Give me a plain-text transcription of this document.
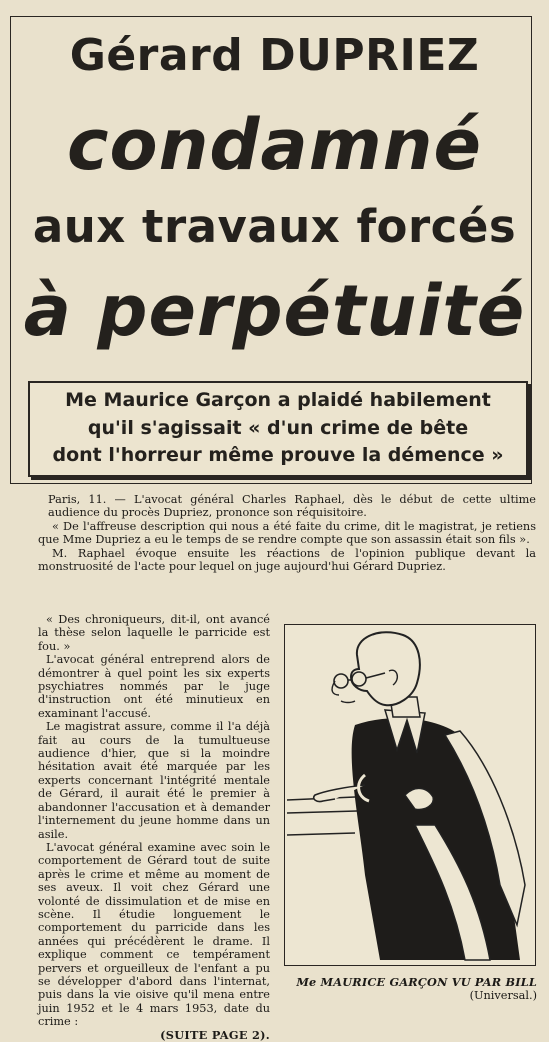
Gérard DUPRIEZ
condamné
aux travaux forcés
à perpétuité
Me Maurice Garçon a plaidé habilement
qu'il s'agissait « d'un crime de bête
dont l'horreur même prouve la démence »

Paris, 11. — L'avocat général Charles Raphael, dès le début de cette ultime audience du procès Dupriez, prononce son réquisitoire.

« De l'affreuse description qui nous a été faite du crime, dit le magistrat, je retiens que Mme Dupriez a eu le temps de se rendre compte que son assassin était son fils ».

M. Raphael évoque ensuite les réactions de l'opinion publique devant la monstruosité de l'acte pour lequel on juge aujourd'hui Gérard Dupriez.

« Des chroniqueurs, dit-il, ont avancé la thèse selon laquelle le parricide est fou. »

L'avocat général entreprend alors de démontrer à quel point les six experts psychiatres nommés par le juge d'instruction ont été minutieux en examinant l'accusé.

Le magistrat assure, comme il l'a déjà fait au cours de la tumultueuse audience d'hier, que si la moindre hésitation avait été marquée par les experts concernant l'intégrité mentale de Gérard, il aurait été le premier à abandonner l'accusation et à demander l'internement du jeune homme dans un asile.

L'avocat général examine avec soin le comportement de Gérard tout de suite après le crime et même au moment de ses aveux. Il voit chez Gérard une volonté de dissimulation et de mise en scène. Il étudie longuement le comportement du parricide dans les années qui précédèrent le drame. Il explique comment ce tempérament pervers et orgueilleux de l'enfant a pu se développer d'abord dans l'internat, puis dans la vie oisive qu'il mena entre juin 1952 et le 4 mars 1953, date du crime :

(SUITE PAGE 2).
Me MAURICE GARÇON VU PAR BILL
(Universal.)
